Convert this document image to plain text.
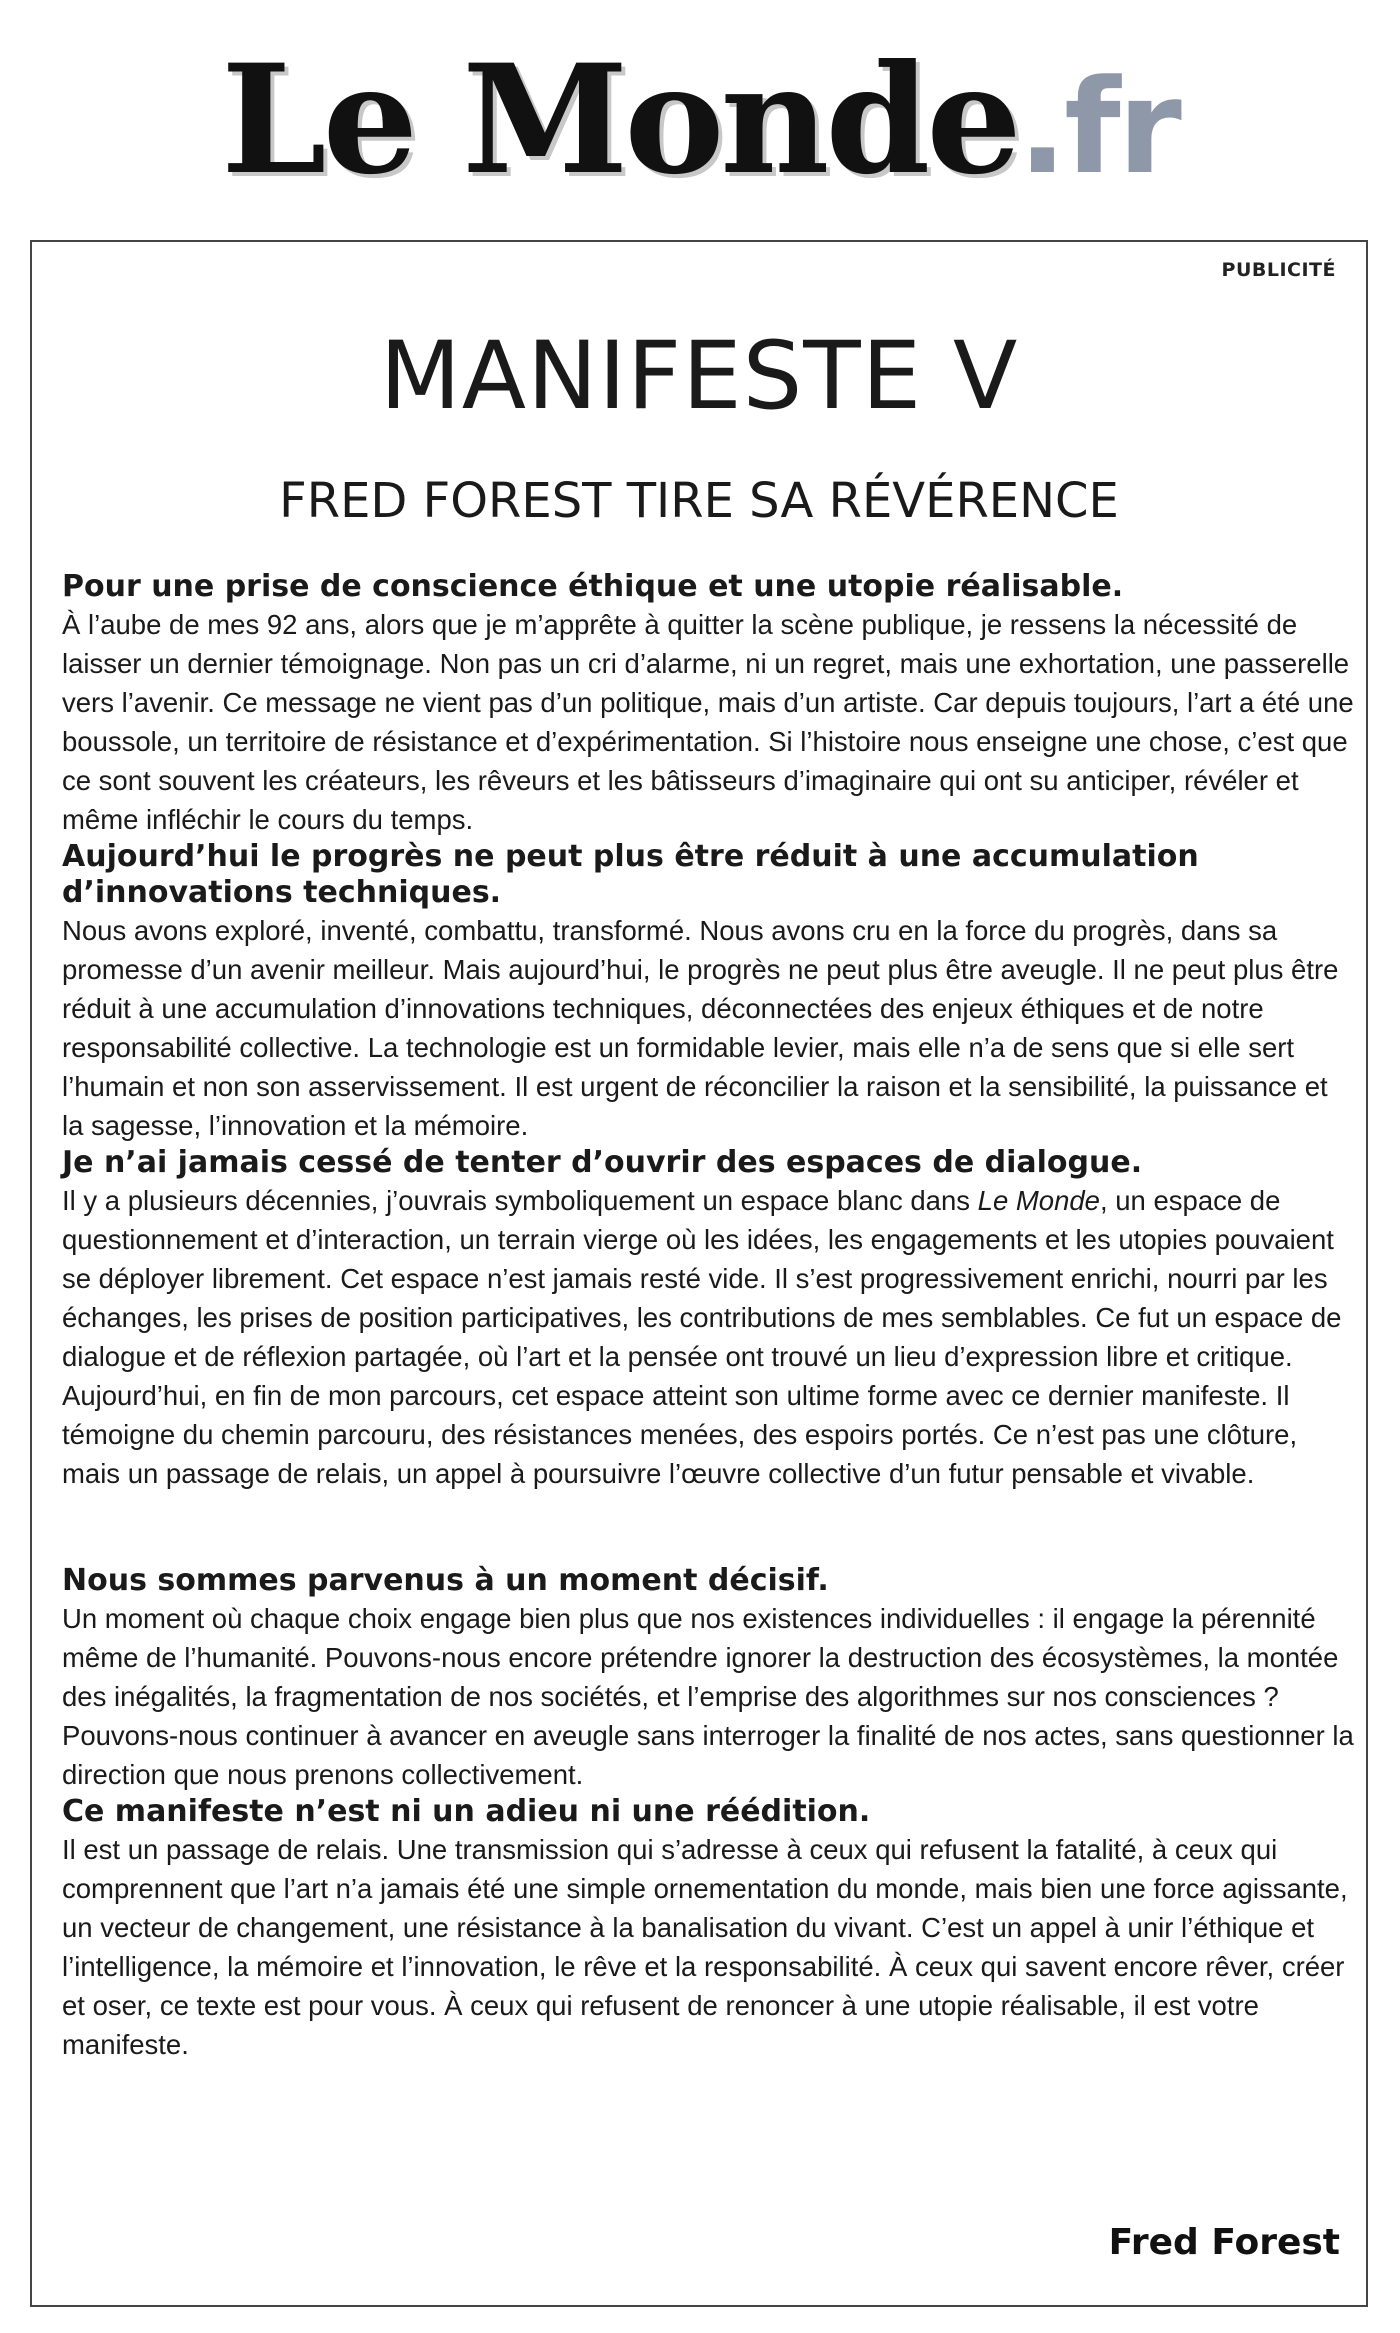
Le Monde.fr
PUBLICITÉ
MANIFESTE V
FRED FOREST TIRE SA RÉVÉRENCE
Pour une prise de conscience éthique et une utopie réalisable.

À l’aube de mes 92 ans, alors que je m’apprête à quitter la scène publique, je ressens la nécessité de laisser un dernier témoignage. Non pas un cri d’alarme, ni un regret, mais une exhortation, une passerelle vers l’avenir. Ce message ne vient pas d’un politique, mais d’un artiste. Car depuis toujours, l’art a été une boussole, un territoire de résistance et d’expérimentation. Si l’histoire nous enseigne une chose, c’est que ce sont souvent les créateurs, les rêveurs et les bâtisseurs d’imaginaire qui ont su anticiper, révéler et même infléchir le cours du temps.

Aujourd’hui le progrès ne peut plus être réduit à une accumulation d’innovations techniques.

Nous avons exploré, inventé, combattu, transformé. Nous avons cru en la force du progrès, dans sa promesse d’un avenir meilleur. Mais aujourd’hui, le progrès ne peut plus être aveugle. Il ne peut plus être réduit à une accumulation d’innovations techniques, déconnectées des enjeux éthiques et de notre responsabilité collective. La technologie est un formidable levier, mais elle n’a de sens que si elle sert l’humain et non son asservissement. Il est urgent de réconcilier la raison et la sensibilité, la puissance et la sagesse, l’innovation et la mémoire.

Je n’ai jamais cessé de tenter d’ouvrir des espaces de dialogue.

Il y a plusieurs décennies, j’ouvrais symboliquement un espace blanc dans Le Monde, un espace de questionnement et d’interaction, un terrain vierge où les idées, les engagements et les utopies pouvaient se déployer librement. Cet espace n’est jamais resté vide. Il s’est progressivement enrichi, nourri par les échanges, les prises de position participatives, les contributions de mes semblables. Ce fut un espace de dialogue et de réflexion partagée, où l’art et la pensée ont trouvé un lieu d’expression libre et critique. Aujourd’hui, en fin de mon parcours, cet espace atteint son ultime forme avec ce dernier manifeste. Il témoigne du chemin parcouru, des résistances menées, des espoirs portés. Ce n’est pas une clôture, mais un passage de relais, un appel à poursuivre l’œuvre collective d’un futur pensable et vivable.

Nous sommes parvenus à un moment décisif.

Un moment où chaque choix engage bien plus que nos existences individuelles : il engage la pérennité même de l’humanité. Pouvons-nous encore prétendre ignorer la destruction des écosystèmes, la montée des inégalités, la fragmentation de nos sociétés, et l’emprise des algorithmes sur nos consciences ? Pouvons-nous continuer à avancer en aveugle sans interroger la finalité de nos actes, sans questionner la direction que nous prenons collectivement.

Ce manifeste n’est ni un adieu ni une réédition.

Il est un passage de relais. Une transmission qui s’adresse à ceux qui refusent la fatalité, à ceux qui comprennent que l’art n’a jamais été une simple ornementation du monde, mais bien une force agissante, un vecteur de changement, une résistance à la banalisation du vivant. C’est un appel à unir l’éthique et l’intelligence, la mémoire et l’innovation, le rêve et la responsabilité. À ceux qui savent encore rêver, créer et oser, ce texte est pour vous. À ceux qui refusent de renoncer à une utopie réalisable, il est votre manifeste.

Fred Forest
